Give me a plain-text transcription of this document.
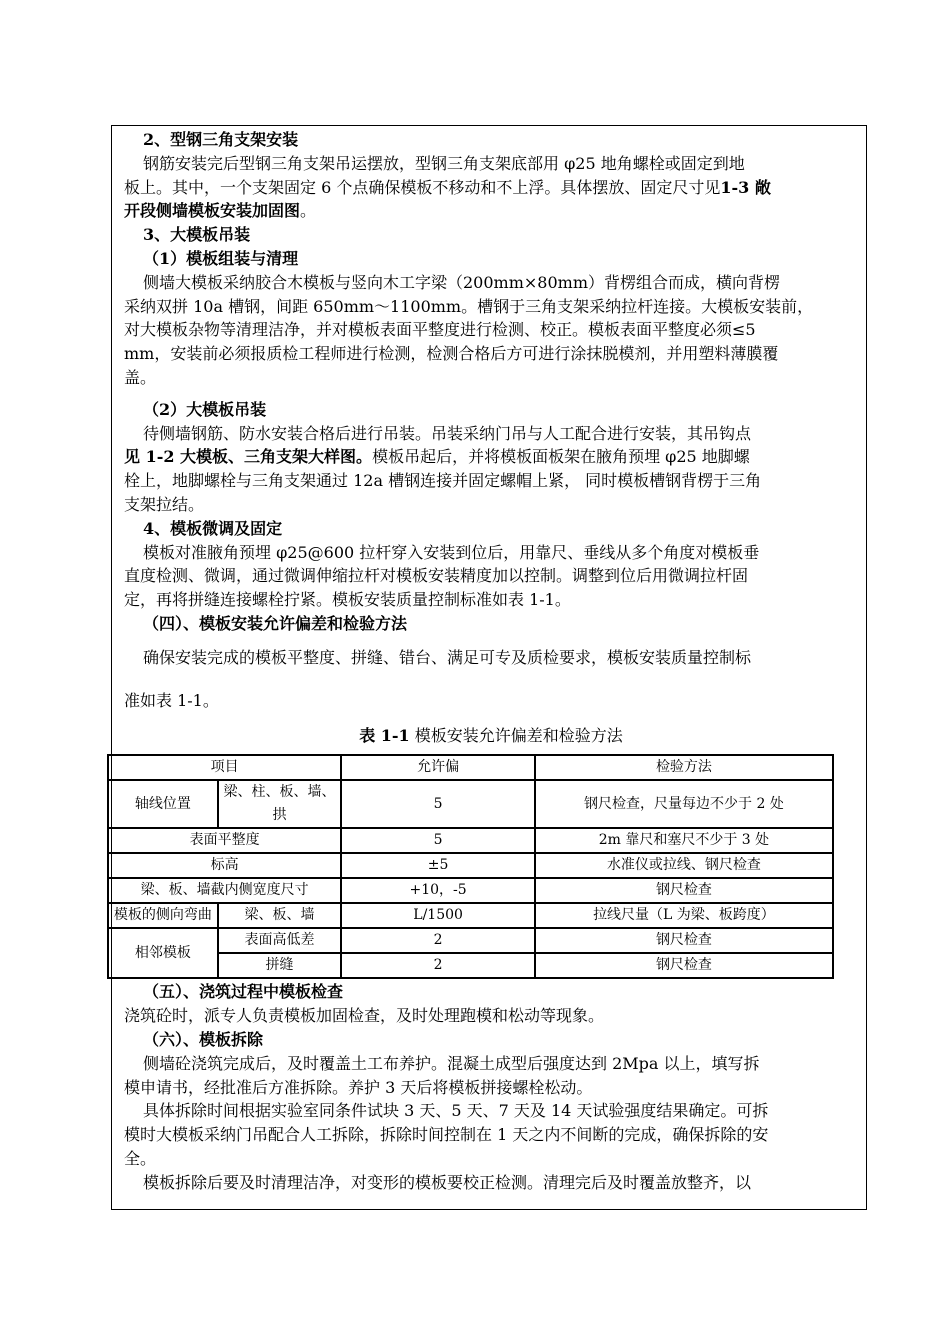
2、型钢三角支架安装
钢筋安装完后型钢三角支架吊运摆放，型钢三角支架底部用 φ25 地角螺栓或固定到地
板上。其中，一个支架固定 6 个点确保模板不移动和不上浮。具体摆放、固定尺寸见1-3 敞
开段侧墙模板安装加固图。
3、大模板吊装
（1）模板组装与清理
侧墙大模板采纳胶合木模板与竖向木工字梁（200mm×80mm）背楞组合而成，横向背楞
采纳双拼 10a 槽钢，间距 650mm～1100mm。槽钢于三角支架采纳拉杆连接。大模板安装前，
对大模板杂物等清理洁净，并对模板表面平整度进行检测、校正。模板表面平整度必须≤5
mm，安装前必须报质检工程师进行检测，检测合格后方可进行涂抹脱模剂，并用塑料薄膜覆
盖。
（2）大模板吊装
待侧墙钢筋、防水安装合格后进行吊装。吊装采纳门吊与人工配合进行安装，其吊钩点
见 1-2 大模板、三角支架大样图。模板吊起后，并将模板面板架在腋角预埋 φ25 地脚螺
栓上，地脚螺栓与三角支架通过 12a 槽钢连接并固定螺帽上紧， 同时模板槽钢背楞于三角
支架拉结。
4、模板微调及固定
模板对准腋角预埋 φ25@600 拉杆穿入安装到位后，用靠尺、垂线从多个角度对模板垂
直度检测、微调，通过微调伸缩拉杆对模板安装精度加以控制。调整到位后用微调拉杆固
定，再将拼缝连接螺栓拧紧。模板安装质量控制标准如表 1-1。
（四）、模板安装允许偏差和检验方法
确保安装完成的模板平整度、拼缝、错台、满足可专及质检要求，模板安装质量控制标
准如表 1-1。
表 1-1 模板安装允许偏差和检验方法
项目		允许偏	检验方法
轴线位置	梁、柱、板、墙、拱	5	钢尺检查，尺量每边不少于 2 处
表面平整度		5	2m 靠尺和塞尺不少于 3 处
标高		±5	水准仪或拉线、钢尺检查
梁、板、墙截内侧宽度尺寸		+10，-5	钢尺检查
模板的侧向弯曲	梁、板、墙	L/1500	拉线尺量（L 为梁、板跨度）
相邻模板	表面高低差	2	钢尺检查
	拼缝	2	钢尺检查
（五）、浇筑过程中模板检查
浇筑砼时，派专人负责模板加固检查，及时处理跑模和松动等现象。
（六）、模板拆除
侧墙砼浇筑完成后，及时覆盖土工布养护。混凝土成型后强度达到 2Mpa 以上，填写拆
模申请书，经批准后方准拆除。养护 3 天后将模板拼接螺栓松动。
具体拆除时间根据实验室同条件试块 3 天、5 天、7 天及 14 天试验强度结果确定。可拆
模时大模板采纳门吊配合人工拆除，拆除时间控制在 1 天之内不间断的完成，确保拆除的安
全。
模板拆除后要及时清理洁净，对变形的模板要校正检测。清理完后及时覆盖放整齐，以
